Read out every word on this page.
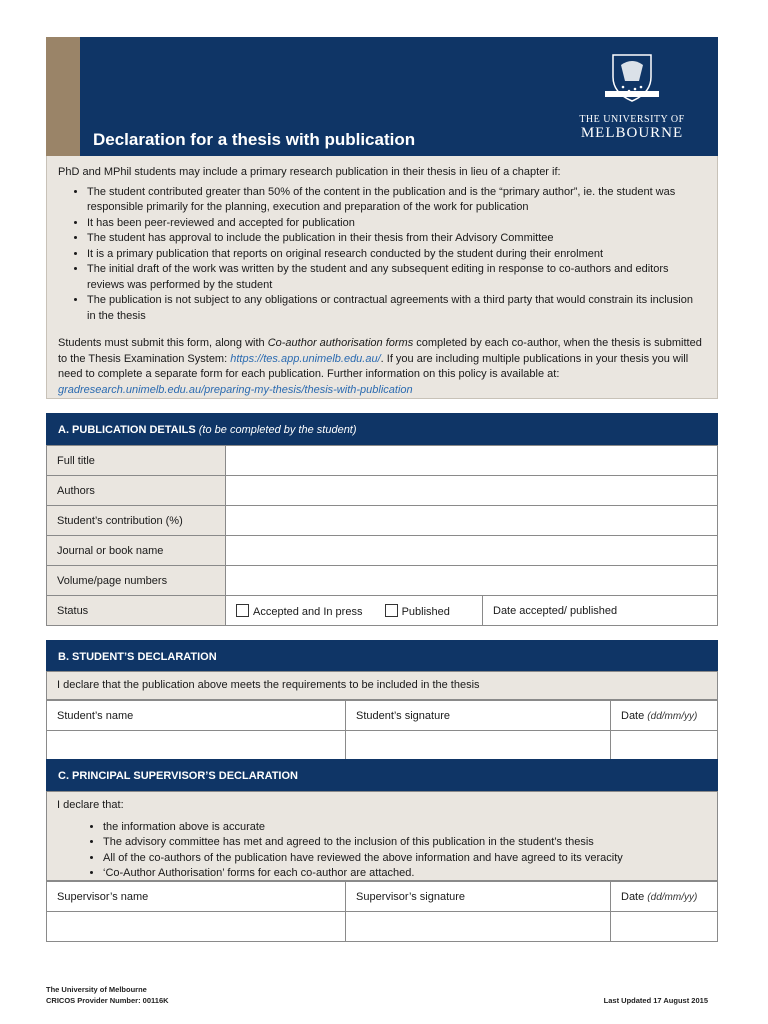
Declaration for a thesis with publication
THE UNIVERSITY OF
MELBOURNE

PhD and MPhil students may include a primary research publication in their thesis in lieu of a chapter if:

• The student contributed greater than 50% of the content in the publication and is the “primary author”, ie. the student was responsible primarily for the planning, execution and preparation of the work for publication
• It has been peer-reviewed and accepted for publication
• The student has approval to include the publication in their thesis from their Advisory Committee
• It is a primary publication that reports on original research conducted by the student during their enrolment
• The initial draft of the work was written by the student and any subsequent editing in response to co-authors and editors reviews was performed by the student
• The publication is not subject to any obligations or contractual agreements with a third party that would constrain its inclusion in the thesis

Students must submit this form, along with Co-author authorisation forms completed by each co-author, when the thesis is submitted to the Thesis Examination System: https://tes.app.unimelb.edu.au/. If you are including multiple publications in your thesis you will need to complete a separate form for each publication. Further information on this policy is available at: gradresearch.unimelb.edu.au/preparing-my-thesis/thesis-with-publication

A. PUBLICATION DETAILS (to be completed by the student)
Full title		
Authors		
Student’s contribution (%)		
Journal or book name		
Volume/page numbers		
Status	Accepted and In press Published	Date accepted/ published
B. STUDENT’S DECLARATION
I declare that the publication above meets the requirements to be included in the thesis
Student’s name	Student’s signature	Date (dd/mm/yy)

C. PRINCIPAL SUPERVISOR’S DECLARATION
I declare that:
• the information above is accurate
• The advisory committee has met and agreed to the inclusion of this publication in the student’s thesis
• All of the co-authors of the publication have reviewed the above information and have agreed to its veracity
• ‘Co-Author Authorisation’ forms for each co-author are attached.
Supervisor’s name	Supervisor’s signature	Date (dd/mm/yy)

The University of Melbourne
CRICOS Provider Number: 00116K	Last Updated 17 August 2015
